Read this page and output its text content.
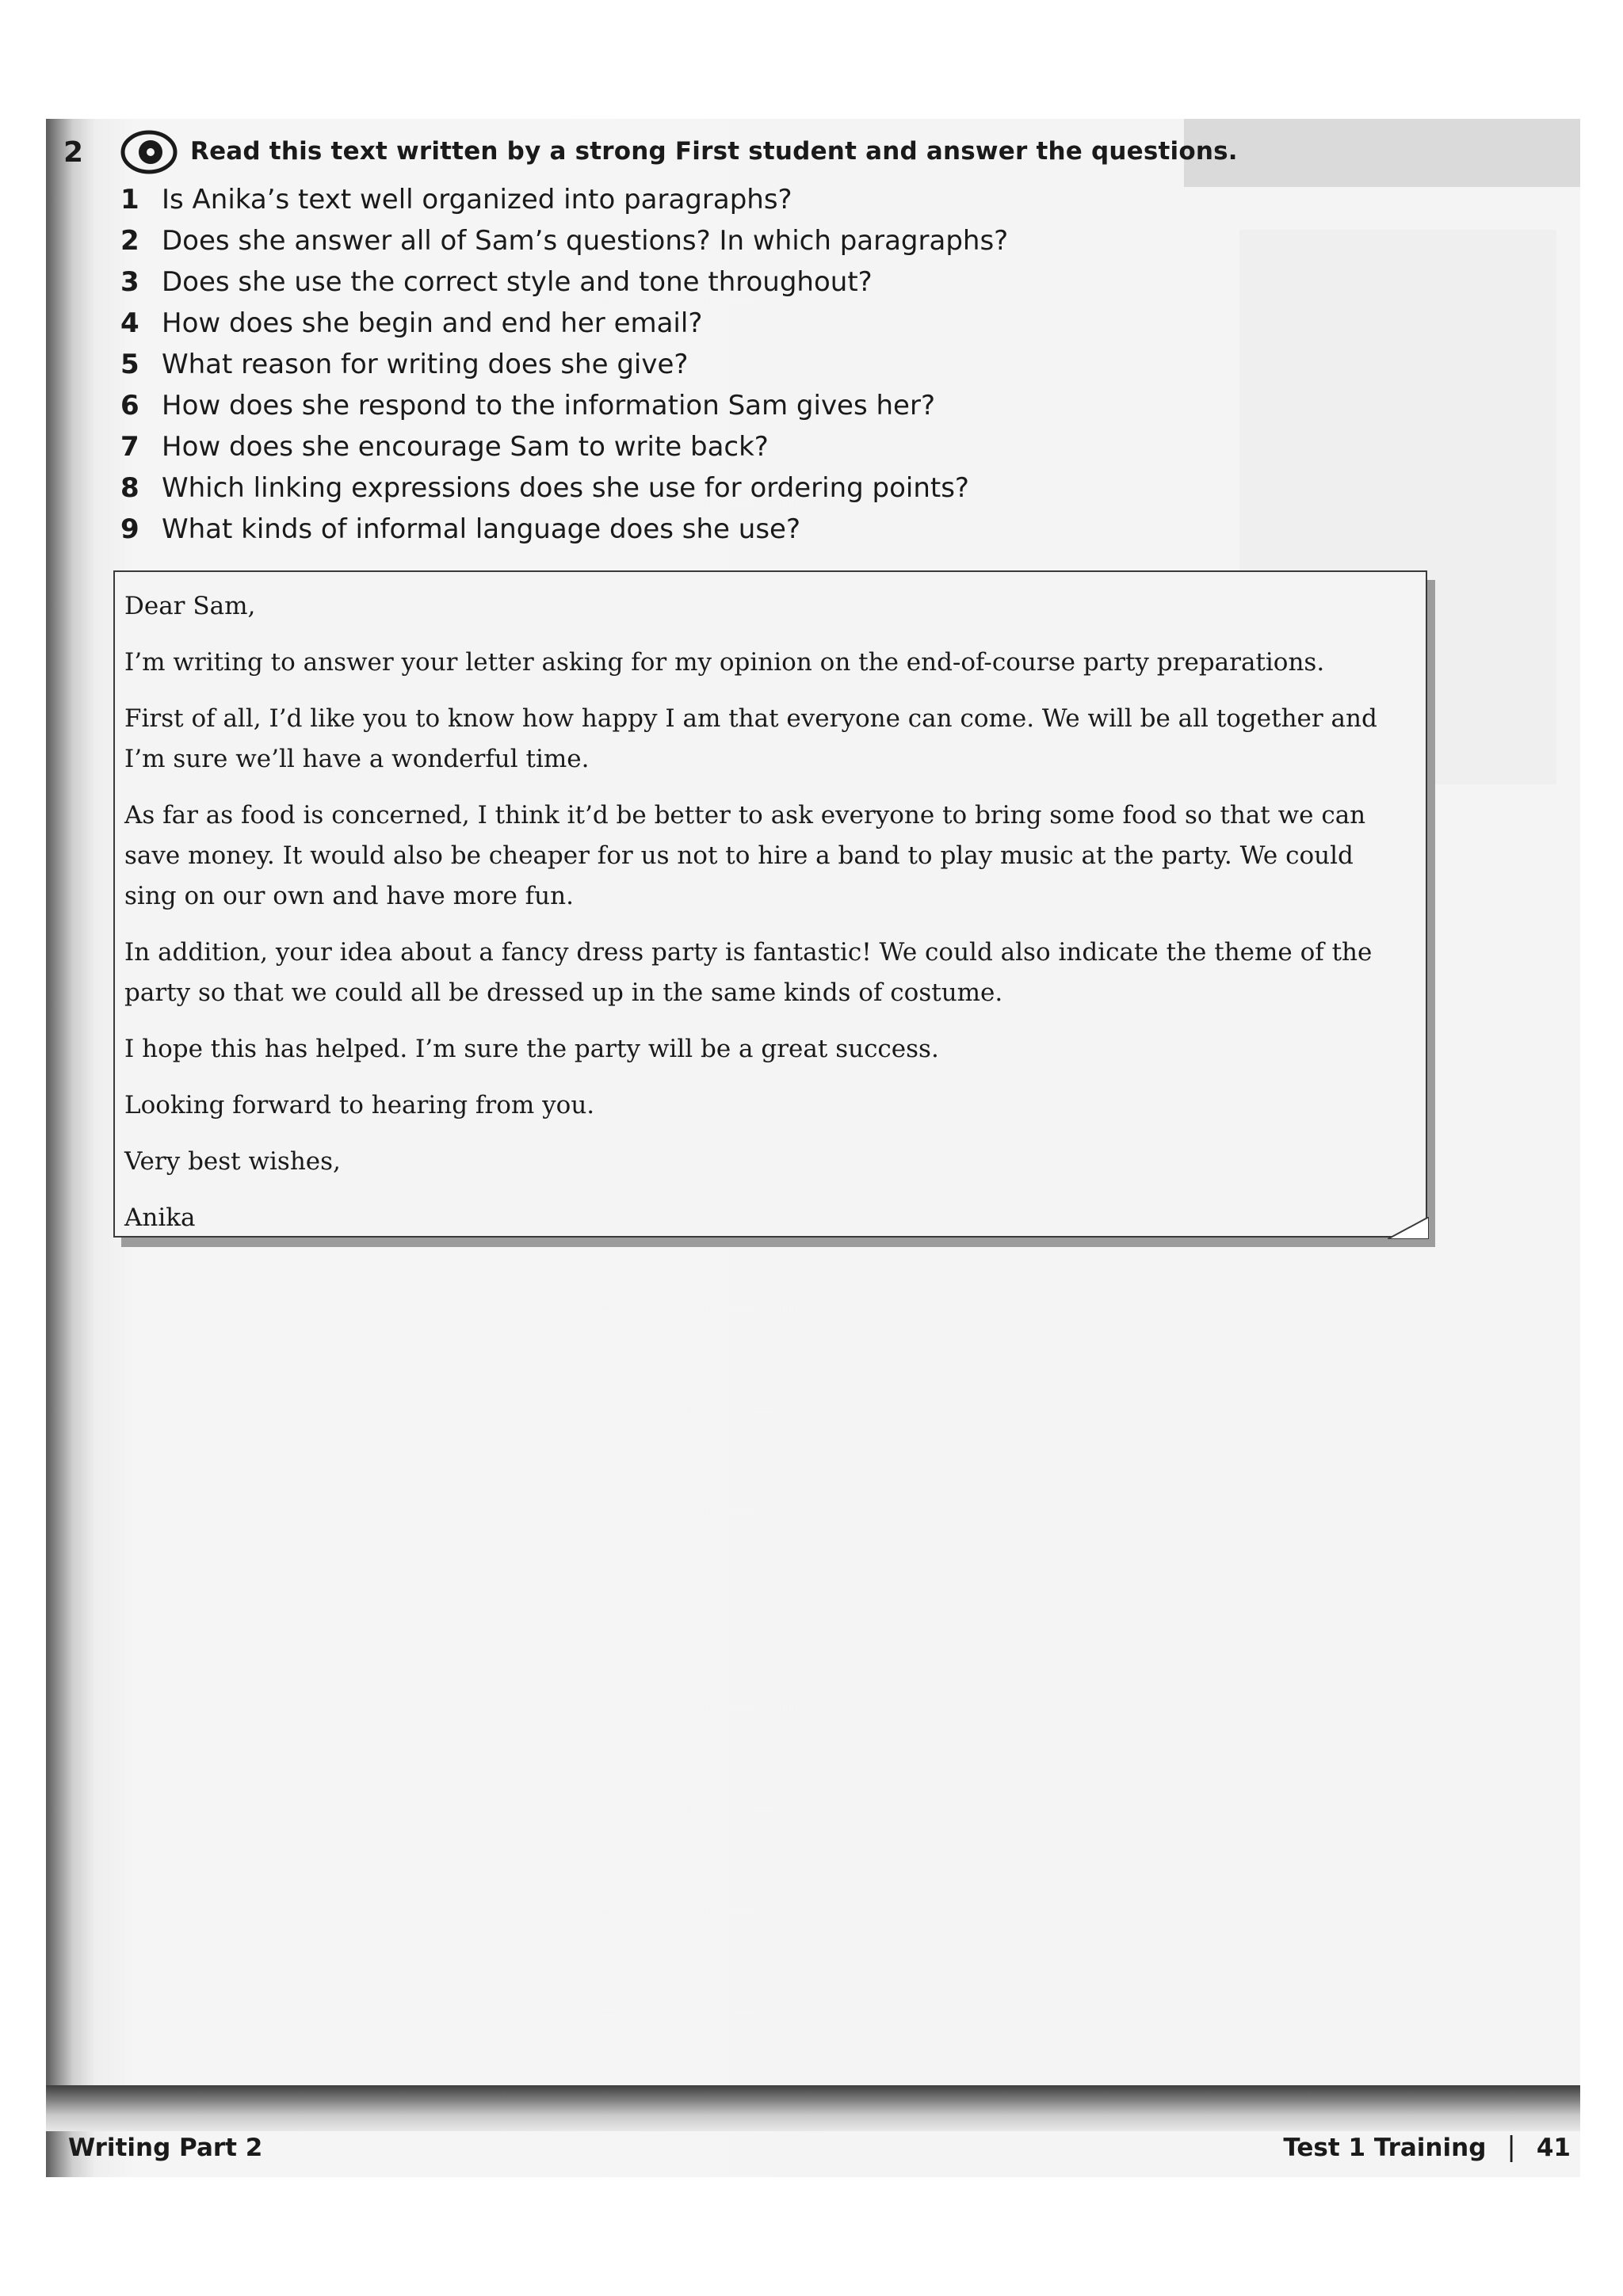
2	Read this text written by a strong First student and answer the questions.
1 Is Anika’s text well organized into paragraphs?
2 Does she answer all of Sam’s questions? In which paragraphs?
3 Does she use the correct style and tone throughout?
4 How does she begin and end her email?
5 What reason for writing does she give?
6 How does she respond to the information Sam gives her?
7 How does she encourage Sam to write back?
8 Which linking expressions does she use for ordering points?
9 What kinds of informal language does she use?

Dear Sam,

I’m writing to answer your letter asking for my opinion on the end-of-course party preparations.

First of all, I’d like you to know how happy I am that everyone can come. We will be all together and I’m sure we’ll have a wonderful time.

As far as food is concerned, I think it’d be better to ask everyone to bring some food so that we can save money. It would also be cheaper for us not to hire a band to play music at the party. We could sing on our own and have more fun.

In addition, your idea about a fancy dress party is fantastic! We could also indicate the theme of the party so that we could all be dressed up in the same kinds of costume.

I hope this has helped. I’m sure the party will be a great success.

Looking forward to hearing from you.

Very best wishes,

Anika

Writing Part 2	Test 1 Training | 41
